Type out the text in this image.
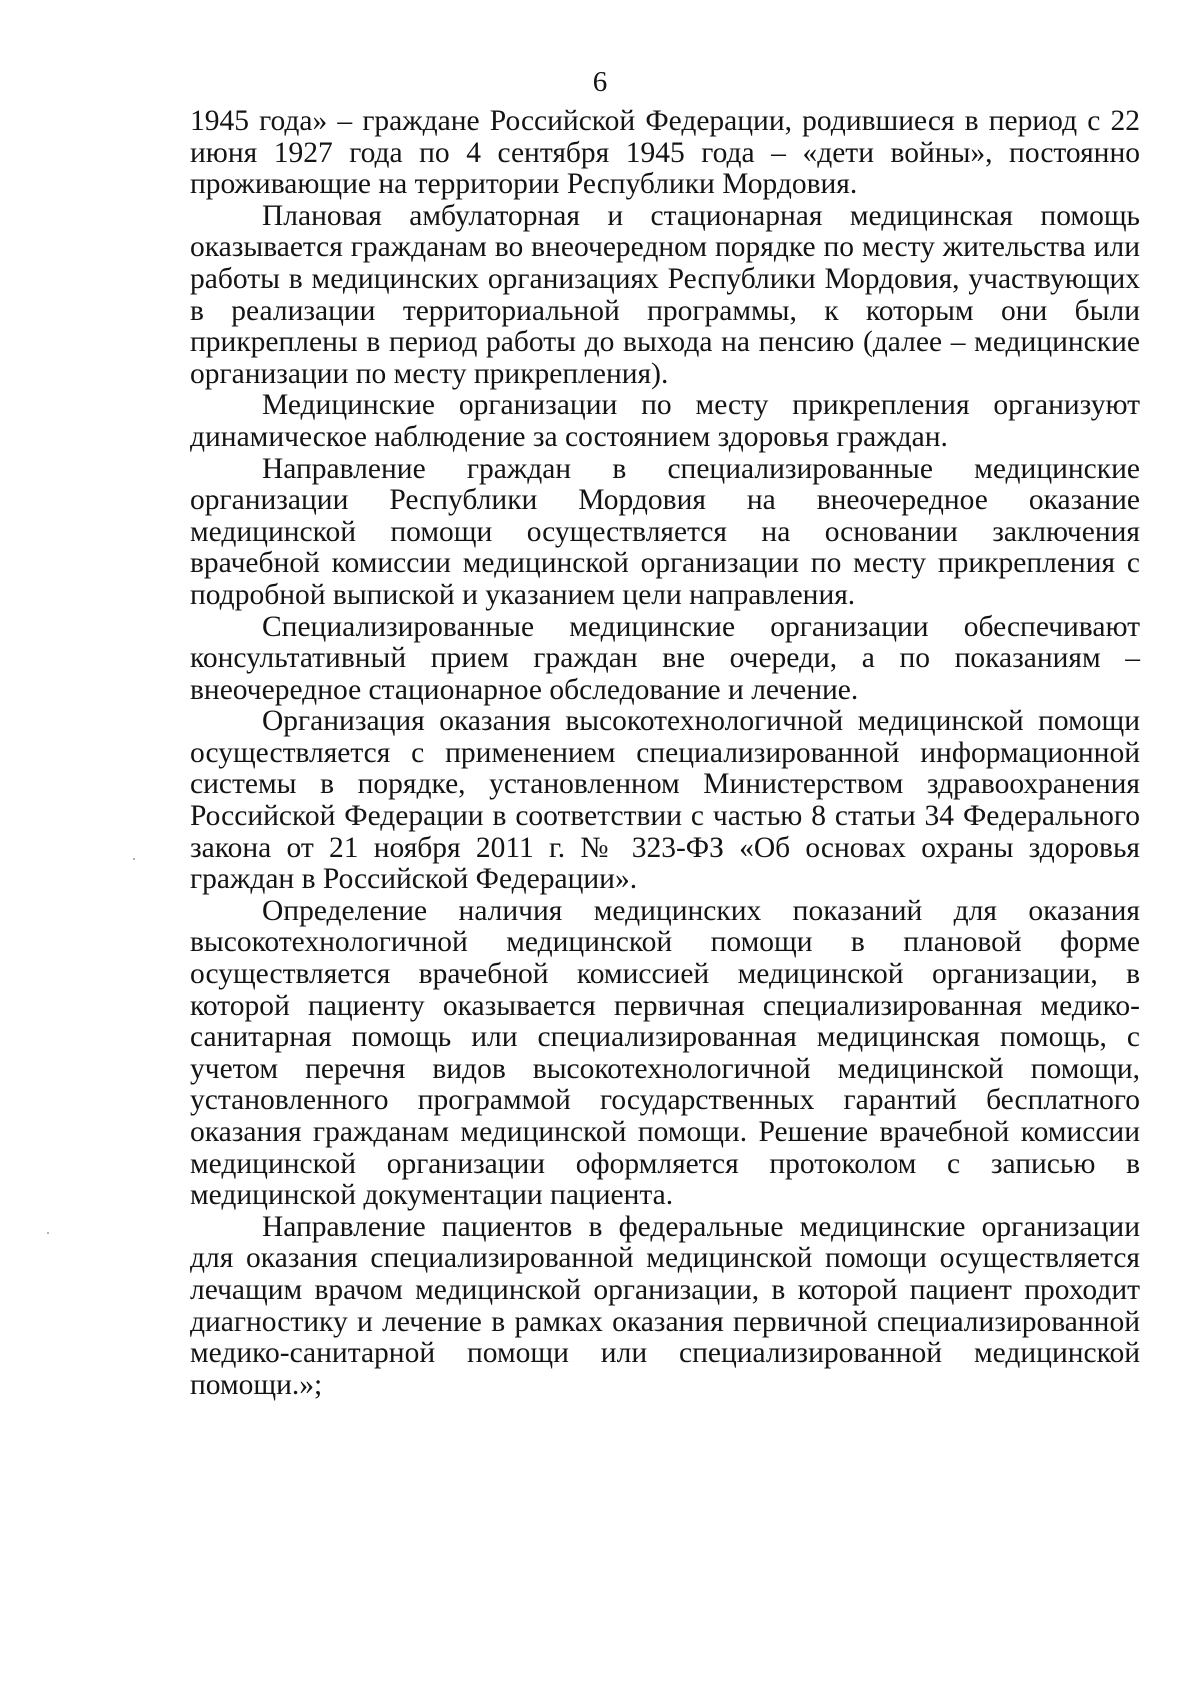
6

1945 года» – граждане Российской Федерации, родившиеся в период с 22 июня 1927 года по 4 сентября 1945 года – «дети войны», постоянно проживающие на территории Республики Мордовия.

Плановая амбулаторная и стационарная медицинская помощь оказывается гражданам во внеочередном порядке по месту жительства или работы в медицинских организациях Республики Мордовия, участвующих в реализации территориальной программы, к которым они были прикреплены в период работы до выхода на пенсию (далее – медицинские организации по месту прикрепления).

Медицинские организации по месту прикрепления организуют динамическое наблюдение за состоянием здоровья граждан.

Направление граждан в специализированные медицинские организации Республики Мордовия на внеочередное оказание медицинской помощи осуществляется на основании заключения врачебной комиссии медицинской организации по месту прикрепления с подробной выпиской и указанием цели направления.

Специализированные медицинские организации обеспечивают консультативный прием граждан вне очереди, а по показаниям – внеочередное стационарное обследование и лечение.

Организация оказания высокотехнологичной медицинской помощи осуществляется с применением специализированной информационной системы в порядке, установленном Министерством здравоохранения Российской Федерации в соответствии с частью 8 статьи 34 Федерального закона от 21 ноября 2011 г. № 323-ФЗ «Об основах охраны здоровья граждан в Российской Федерации».

Определение наличия медицинских показаний для оказания высокотехнологичной медицинской помощи в плановой форме осуществляется врачебной комиссией медицинской организации, в которой пациенту оказывается первичная специализированная медико-санитарная помощь или специализированная медицинская помощь, с учетом перечня видов высокотехнологичной медицинской помощи, установленного программой государственных гарантий бесплатного оказания гражданам медицинской помощи. Решение врачебной комиссии медицинской организации оформляется протоколом с записью в медицинской документации пациента.

Направление пациентов в федеральные медицинские организации для оказания специализированной медицинской помощи осуществляется лечащим врачом медицинской организации, в которой пациент проходит диагностику и лечение в рамках оказания первичной специализированной медико-санитарной помощи или специализированной медицинской помощи.»;
